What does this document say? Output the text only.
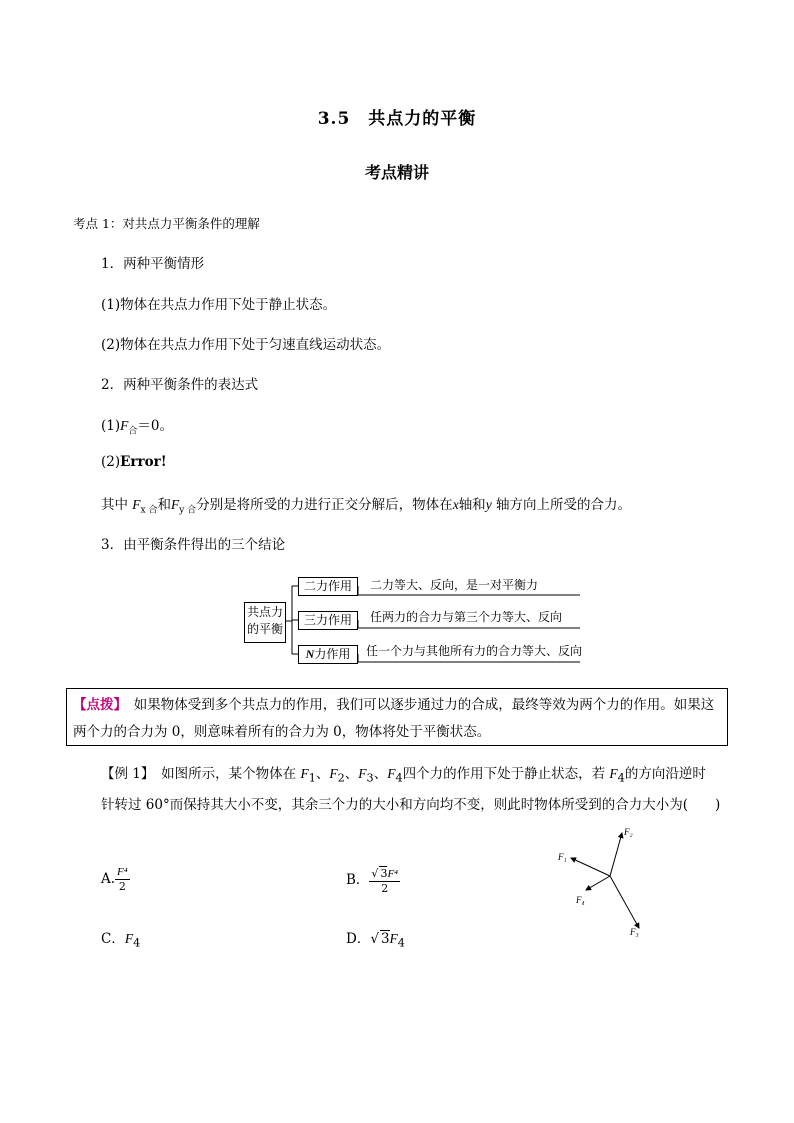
3.5　共点力的平衡
考点精讲
考点 1：对共点力平衡条件的理解
1．两种平衡情形
(1)物体在共点力作用下处于静止状态。
(2)物体在共点力作用下处于匀速直线运动状态。
2．两种平衡条件的表达式
$(1)F_合=0$。
(2)Error!
其中 $F_{x 合}$和$F_{y 合}$分别是将所受的力进行正交分解后，物体在x轴和y 轴方向上所受的合力。
3．由平衡条件得出的三个结论
共点力的平衡
二力作用	二力等大、反向，是一对平衡力
三力作用	任两力的合力与第三个力等大、反向
N力作用	任一个力与其他所有力的合力等大、反向
【点拨】　如果物体受到多个共点力的作用，我们可以逐步通过力的合成，最终等效为两个力的作用。如果这两个力的合力为 0，则意味着所有的合力为 0，物体将处于平衡状态。
【例 1】　如图所示，某个物体在 $F_1$、$F_2$、$F_3$、$F_4$四个力的作用下处于静止状态，若 $F_4$的方向沿逆时
针转过 60°而保持其大小不变，其余三个力的大小和方向均不变，则此时物体所受到的合力大小为(　　)
A. $\frac{\text{F⁴}}{2}$	B． $\frac{\text{√ 3F⁴}}{2}$
C．$F_4$	D．√ $3F_4$
F₁
F₂
F₃
F₄
